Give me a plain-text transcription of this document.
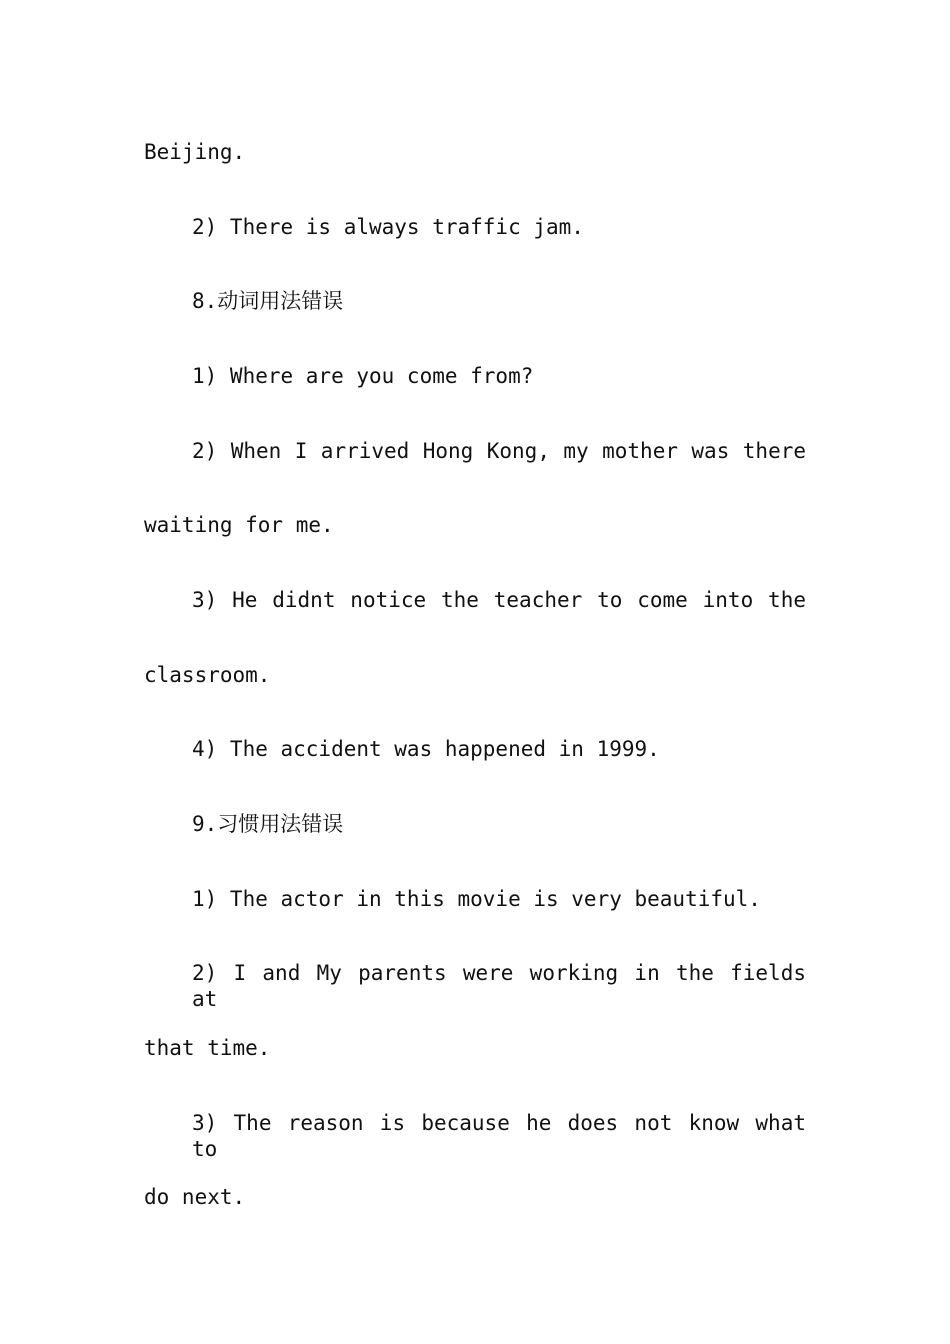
Beijing.
2) There is always traffic jam.
8.动词用法错误
1) Where are you come from?
2) When I arrived Hong Kong, my mother was there
waiting for me.
3) He didnt notice the teacher to come into the
classroom.
4) The accident was happened in 1999.
9.习惯用法错误
1) The actor in this movie is very beautiful.
2) I and My parents were working in the fields at
that time.
3) The reason is because he does not know what to
do next.
